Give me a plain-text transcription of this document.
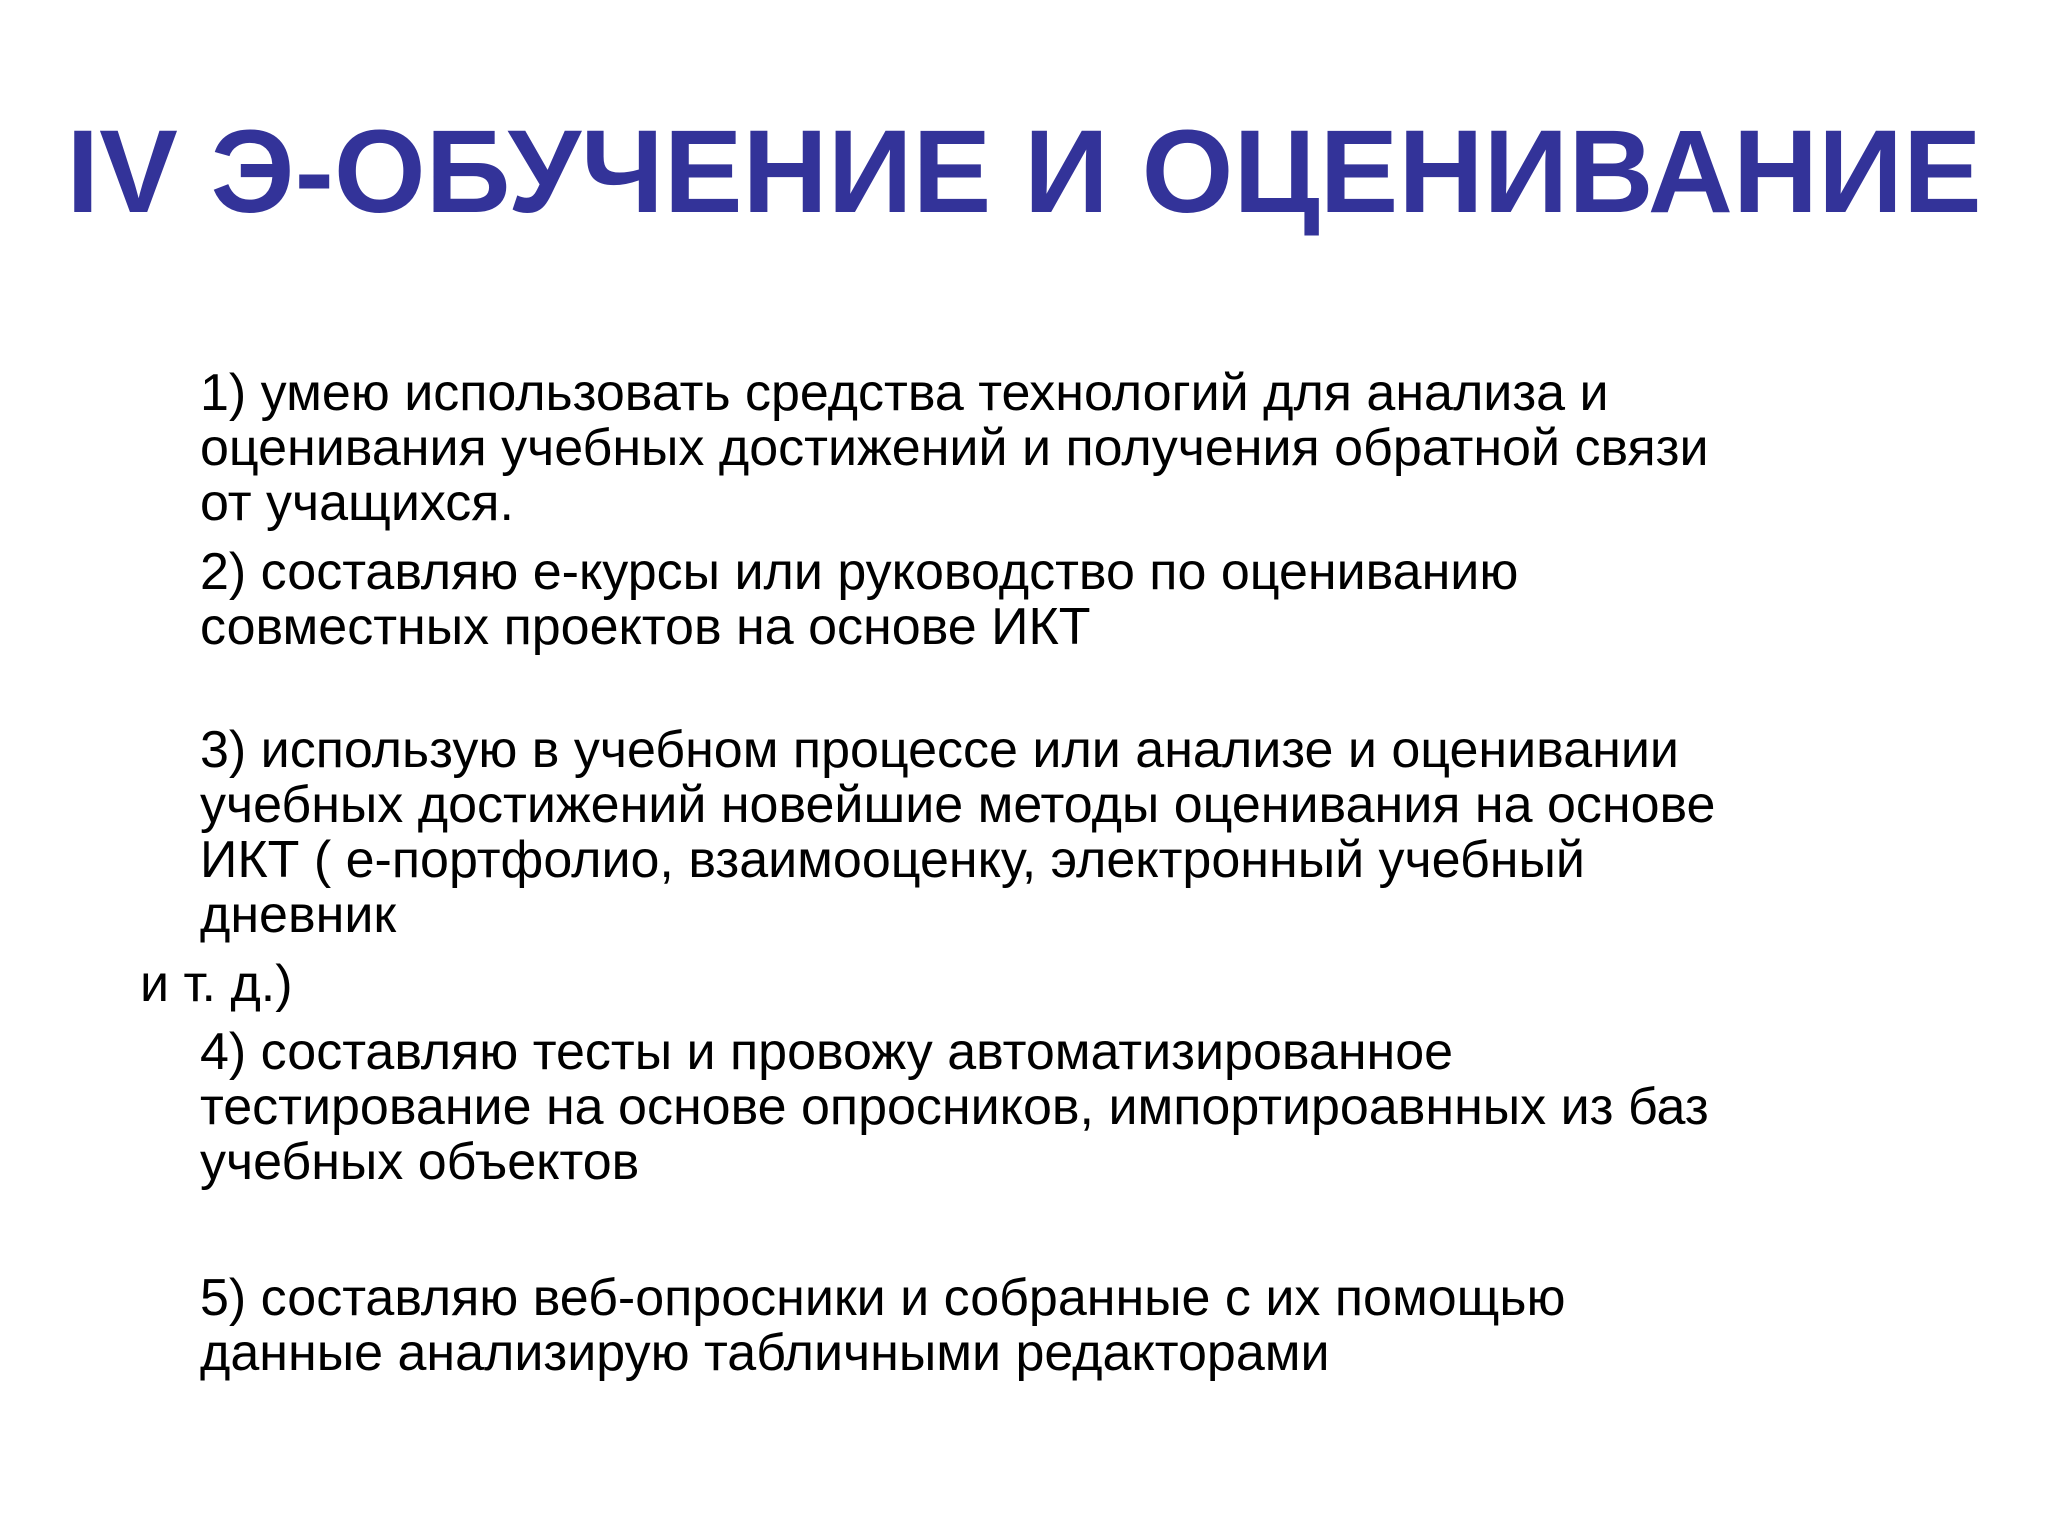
IV Э-ОБУЧЕНИЕ И ОЦЕНИВАНИЕ

1) умею использовать средства технологий для анализа и
оценивания учебных достижений и получения обратной связи
от учащихся.

2) составляю е-курсы или руководство по оцениванию
совместных проектов на основе ИКТ

3) использую в учебном процессе или анализе и оценивании
учебных достижений новейшие методы оценивания на основе
ИКТ ( е-портфолио, взаимооценку, электронный учебный
дневник

и т. д.)

4) составляю тесты и провожу автоматизированное
тестирование на основе опросников, импортироавнных из баз
учебных объектов

5) составляю веб-опросники и собранные с их помощью
данные анализирую табличными редакторами
